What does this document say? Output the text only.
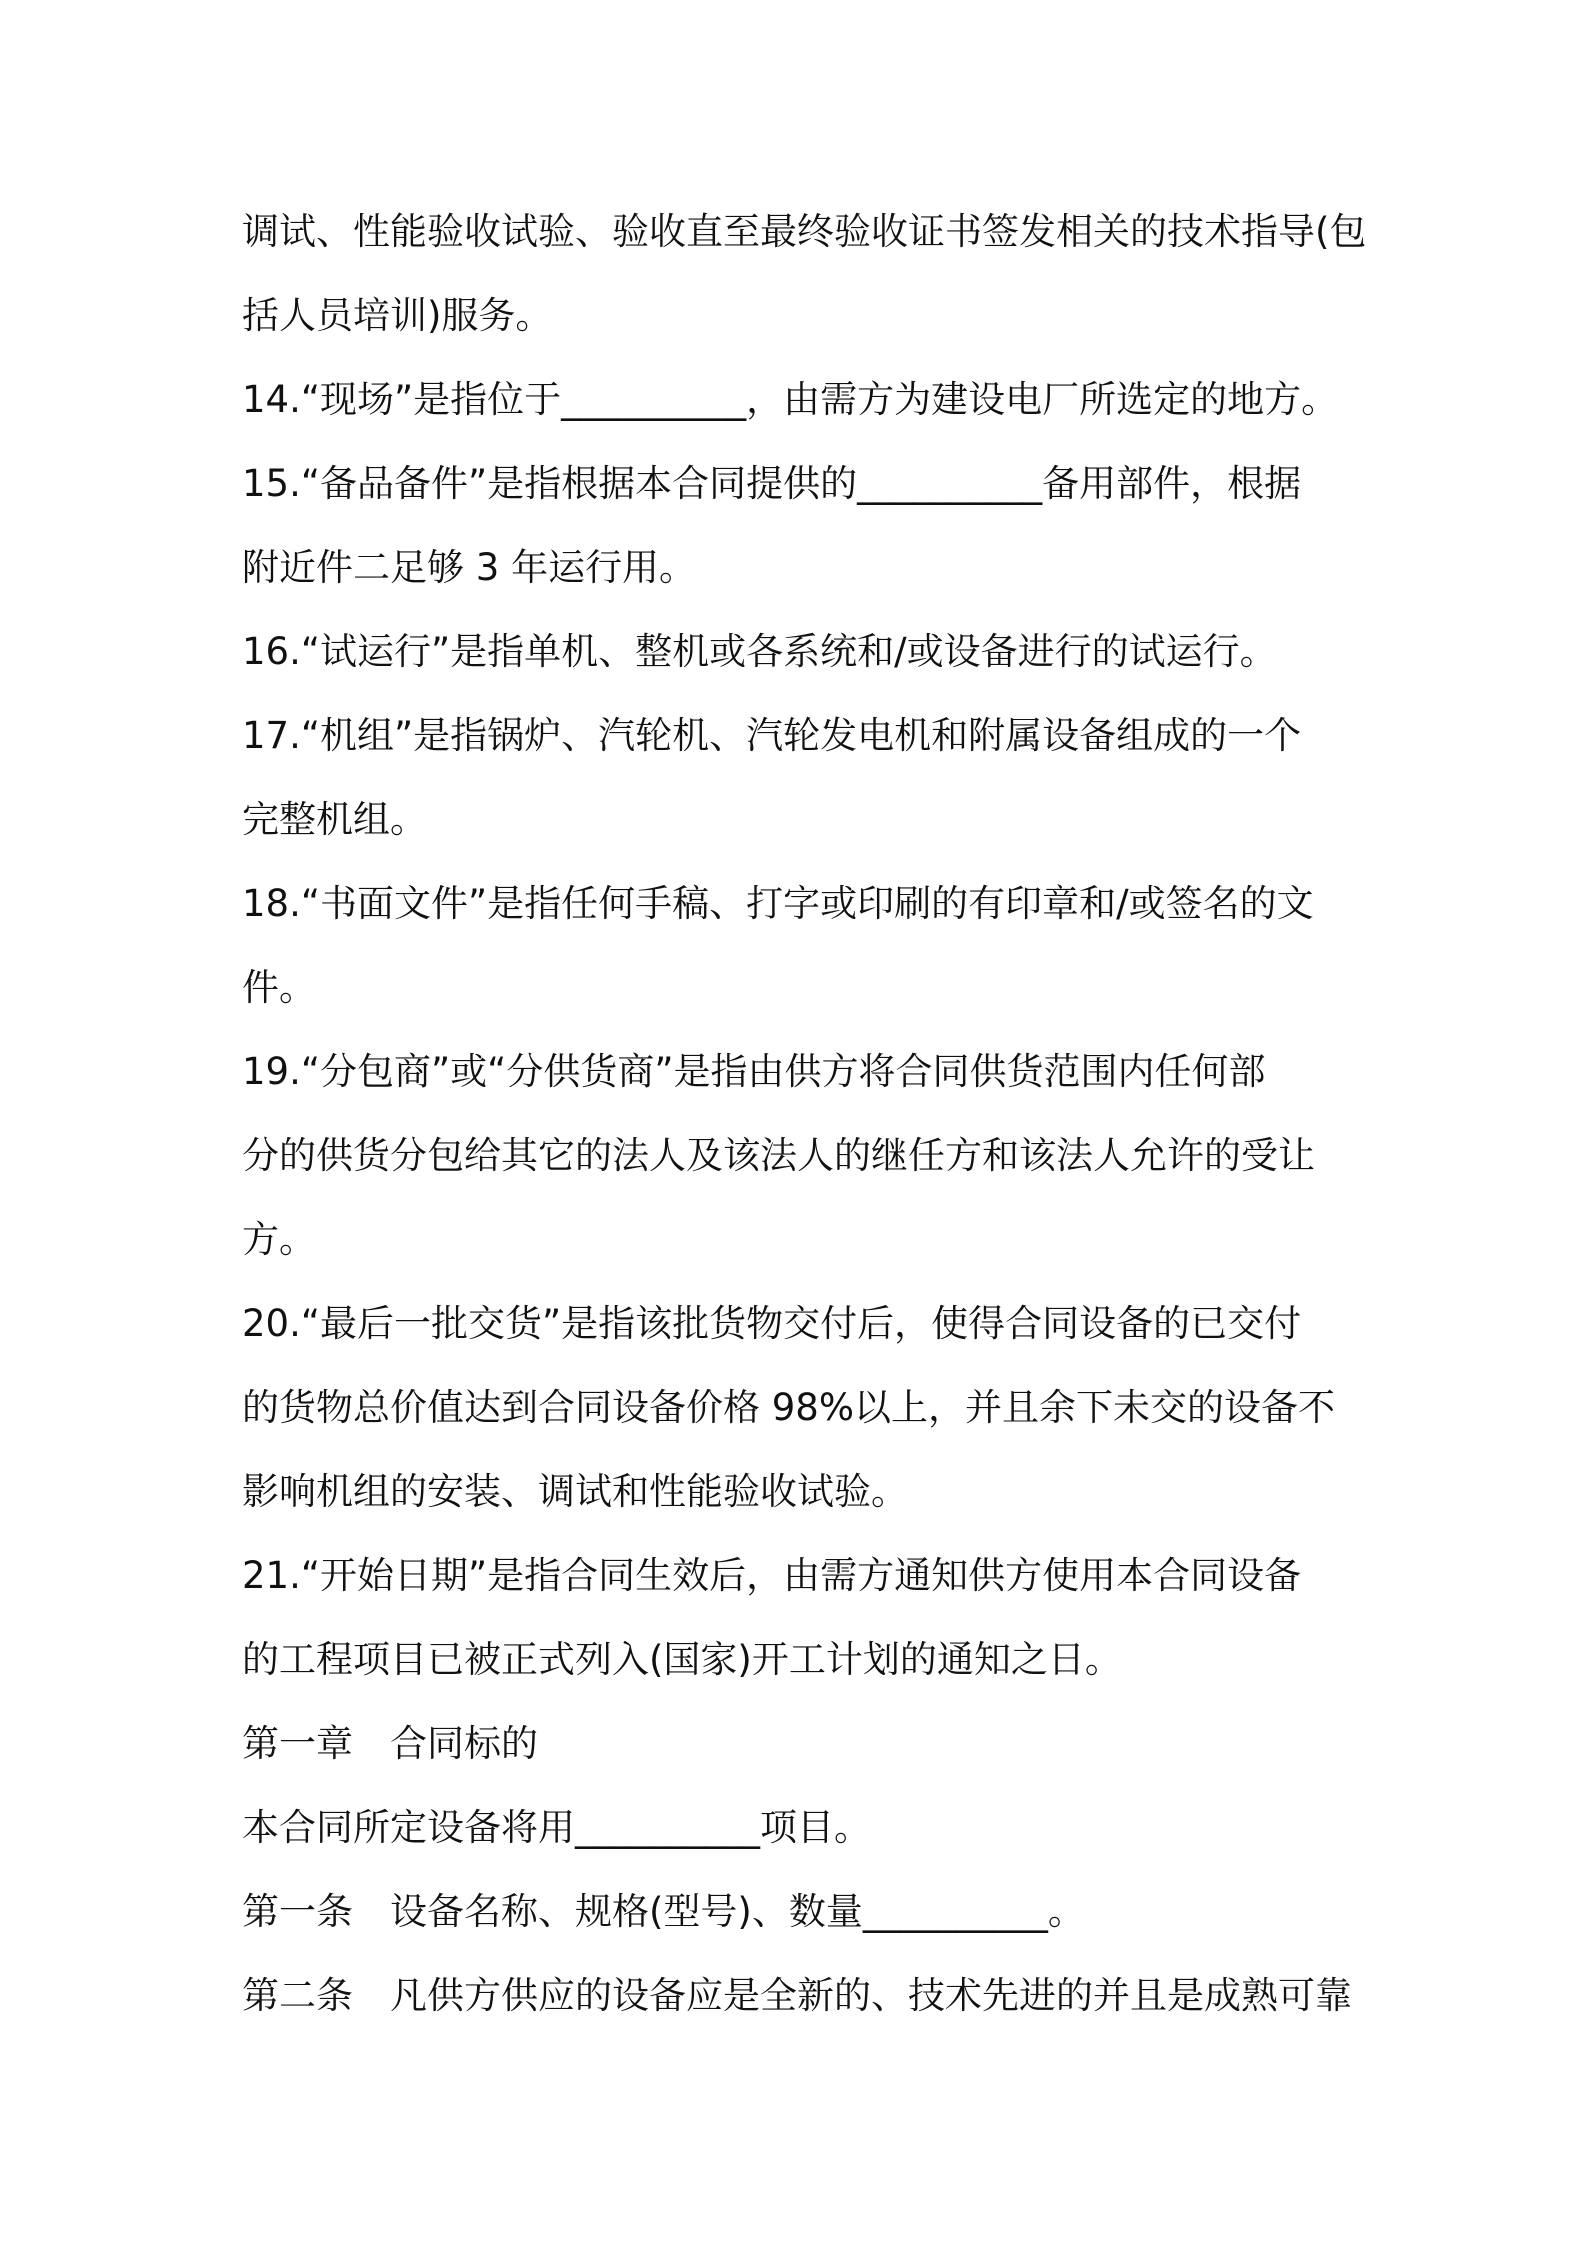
调试、性能验收试验、验收直至最终验收证书签发相关的技术指导(包
括人员培训)服务。
14.“现场”是指位于__________，由需方为建设电厂所选定的地方。
15.“备品备件”是指根据本合同提供的__________备用部件，根据
附近件二足够 3 年运行用。
16.“试运行”是指单机、整机或各系统和/或设备进行的试运行。
17.“机组”是指锅炉、汽轮机、汽轮发电机和附属设备组成的一个
完整机组。
18.“书面文件”是指任何手稿、打字或印刷的有印章和/或签名的文
件。
19.“分包商”或“分供货商”是指由供方将合同供货范围内任何部
分的供货分包给其它的法人及该法人的继任方和该法人允许的受让
方。
20.“最后一批交货”是指该批货物交付后，使得合同设备的已交付
的货物总价值达到合同设备价格 98%以上，并且余下未交的设备不
影响机组的安装、调试和性能验收试验。
21.“开始日期”是指合同生效后，由需方通知供方使用本合同设备
的工程项目已被正式列入(国家)开工计划的通知之日。
第一章　合同标的
本合同所定设备将用__________项目。
第一条　设备名称、规格(型号)、数量__________。
第二条　凡供方供应的设备应是全新的、技术先进的并且是成熟可靠
